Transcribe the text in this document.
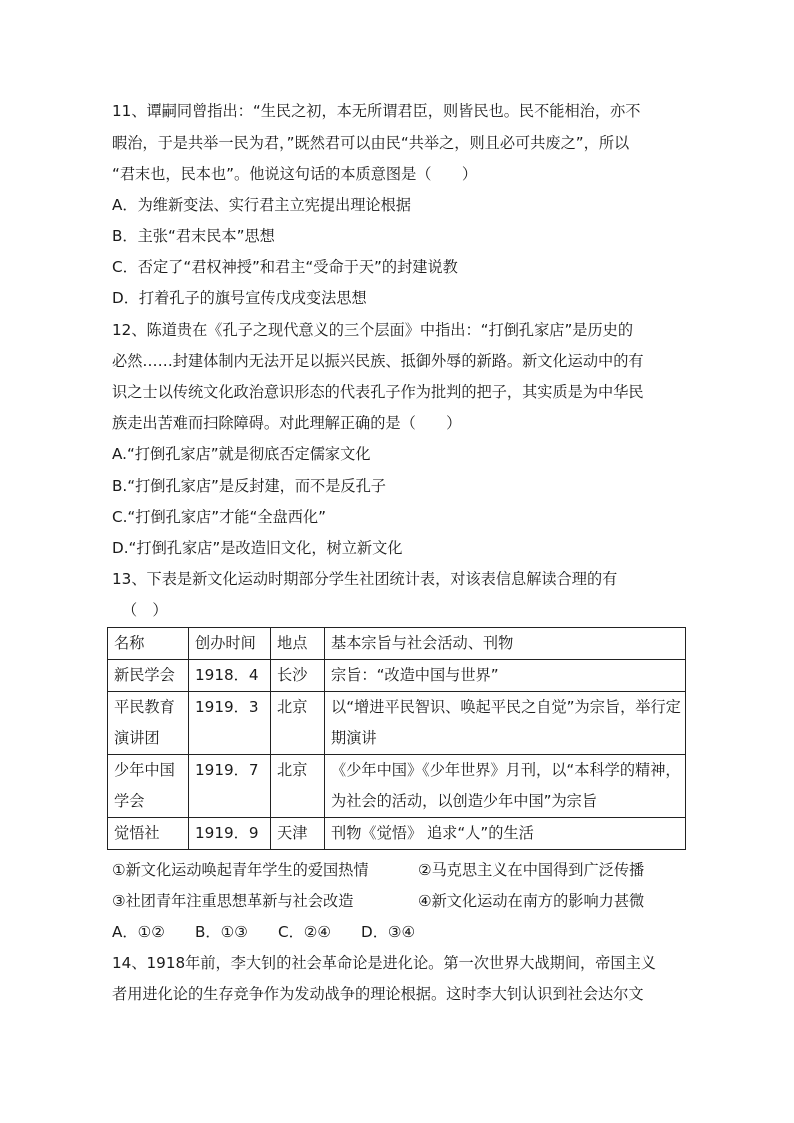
11、谭嗣同曾指出：“生民之初，本无所谓君臣，则皆民也。民不能相治，亦不
暇治，于是共举一民为君，”既然君可以由民“共举之，则且必可共废之”，所以
“君末也，民本也”。他说这句话的本质意图是（　　）
A．为维新变法、实行君主立宪提出理论根据
B．主张“君末民本”思想
C．否定了“君权神授”和君主“受命于天”的封建说教
D．打着孔子的旗号宣传戊戌变法思想
12、陈道贵在《孔子之现代意义的三个层面》中指出：“打倒孔家店”是历史的
必然……封建体制内无法开足以振兴民族、抵御外辱的新路。新文化运动中的有
识之士以传统文化政治意识形态的代表孔子作为批判的把子，其实质是为中华民
族走出苦难而扫除障碍。对此理解正确的是（　　）
A.“打倒孔家店”就是彻底否定儒家文化
B.“打倒孔家店”是反封建，而不是反孔子
C.“打倒孔家店”才能“全盘西化”
D.“打倒孔家店”是改造旧文化，树立新文化
13、下表是新文化运动时期部分学生社团统计表，对该表信息解读合理的有
（　）
名称	创办时间	地点	基本宗旨与社会活动、刊物
新民学会	1918．4	长沙	宗旨：“改造中国与世界”
平民教育演讲团	1919．3	北京	以“增进平民智识、唤起平民之自觉”为宗旨，举行定期演讲
少年中国学会	1919．7	北京	《少年中国》《少年世界》月刊，以“本科学的精神，为社会的活动，以创造少年中国”为宗旨
觉悟社	1919．9	天津	刊物《觉悟》 追求“人”的生活
①新文化运动唤起青年学生的爱国热情	②马克思主义在中国得到广泛传播
③社团青年注重思想革新与社会改造	④新文化运动在南方的影响力甚微
A．①② B．①③ C．②④ D．③④
14、1918年前，李大钊的社会革命论是进化论。第一次世界大战期间，帝国主义
者用进化论的生存竞争作为发动战争的理论根据。这时李大钊认识到社会达尔文
